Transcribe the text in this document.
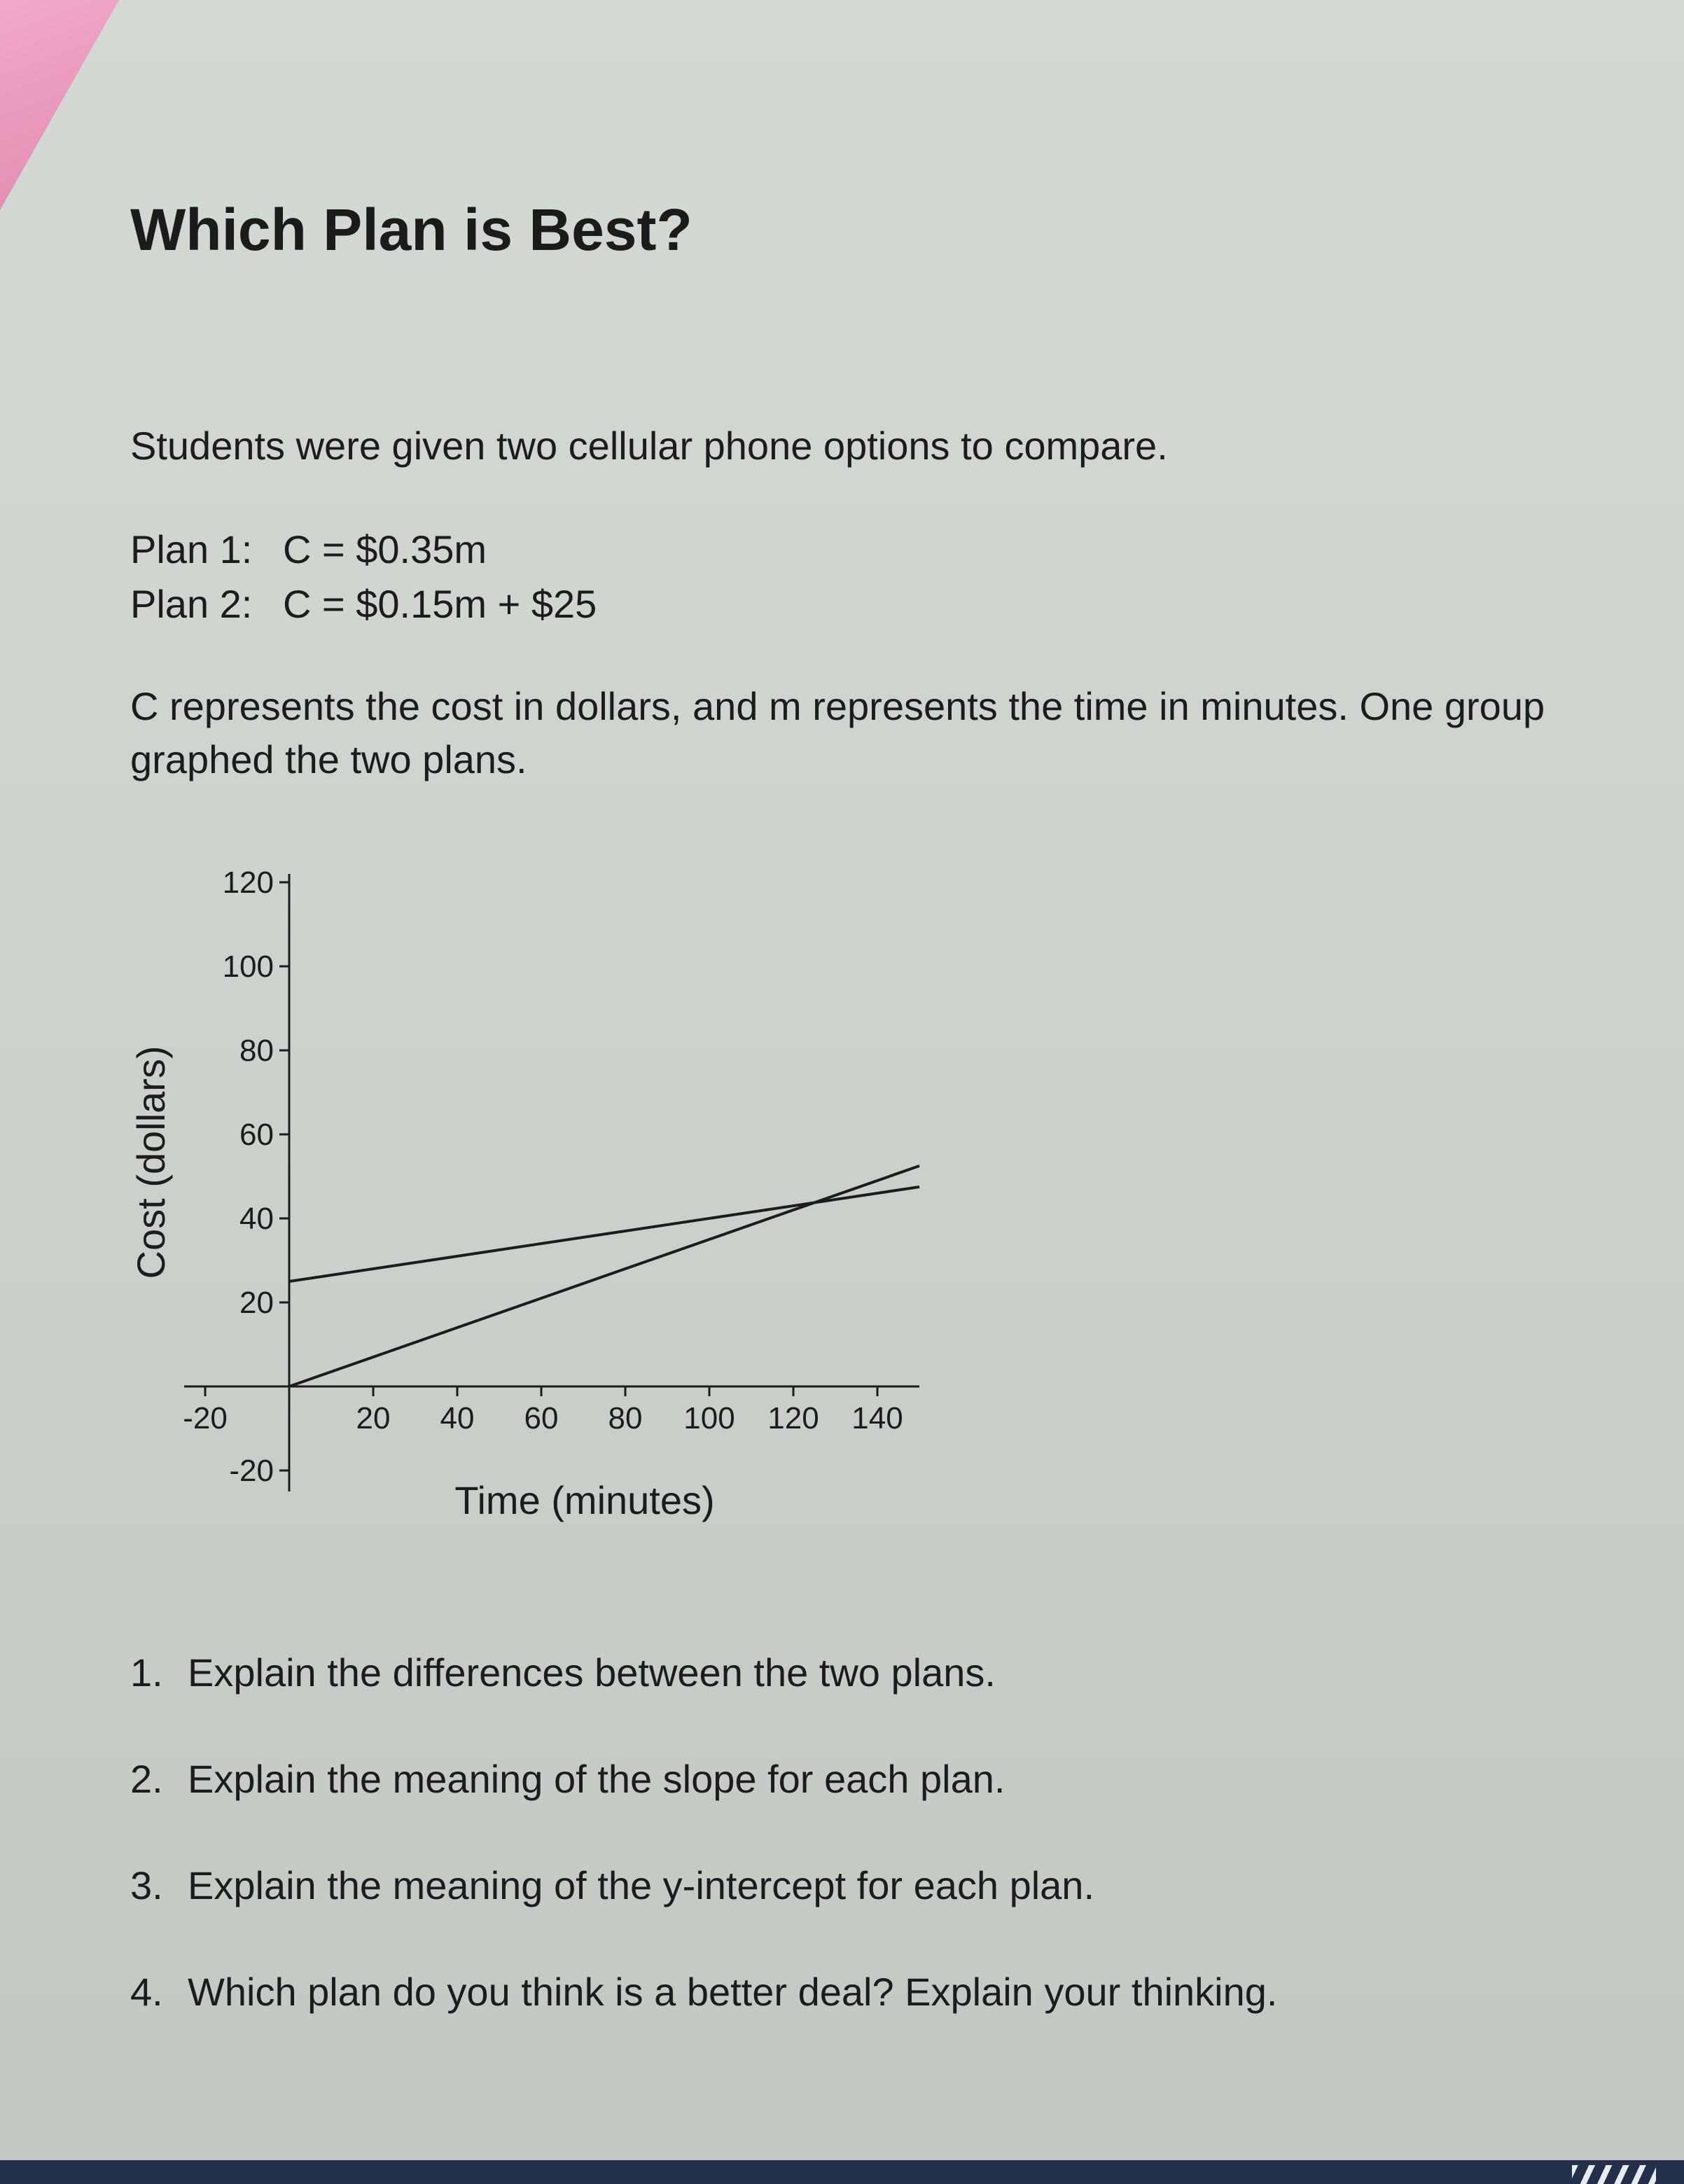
Which Plan is Best?

Students were given two cellular phone options to compare.

Plan 1: C = $0.35m

Plan 2: C = $0.15m + $25

C represents the cost in dollars, and m represents the time in minutes. One group

graphed the two plans.

-20	20 40 60 80 100 120 140
120
100
80
60
40
20
-20
Time (minutes)
Cost (dollars)

1. Explain the differences between the two plans.

2. Explain the meaning of the slope for each plan.

3. Explain the meaning of the y-intercept for each plan.

4. Which plan do you think is a better deal? Explain your thinking.
